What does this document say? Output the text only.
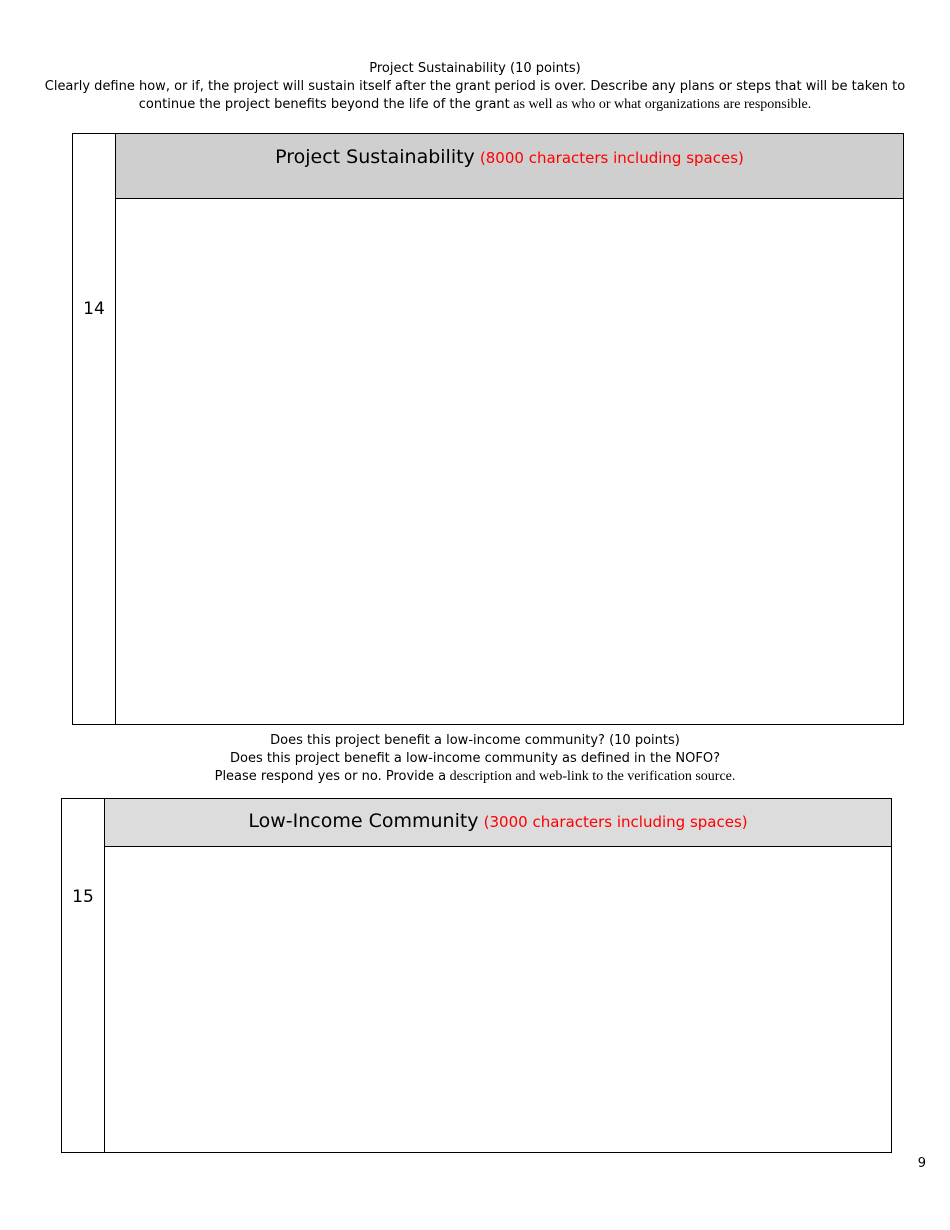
Project Sustainability (10 points)
Clearly define how, or if, the project will sustain itself after the grant period is over. Describe any plans or steps that will be taken to
continue the project benefits beyond the life of the grant as well as who or what organizations are responsible.
14
Project Sustainability (8000 characters including spaces)
Does this project benefit a low-income community? (10 points)
Does this project benefit a low-income community as defined in the NOFO?
Please respond yes or no. Provide a description and web-link to the verification source.
15
Low-Income Community (3000 characters including spaces)
9
